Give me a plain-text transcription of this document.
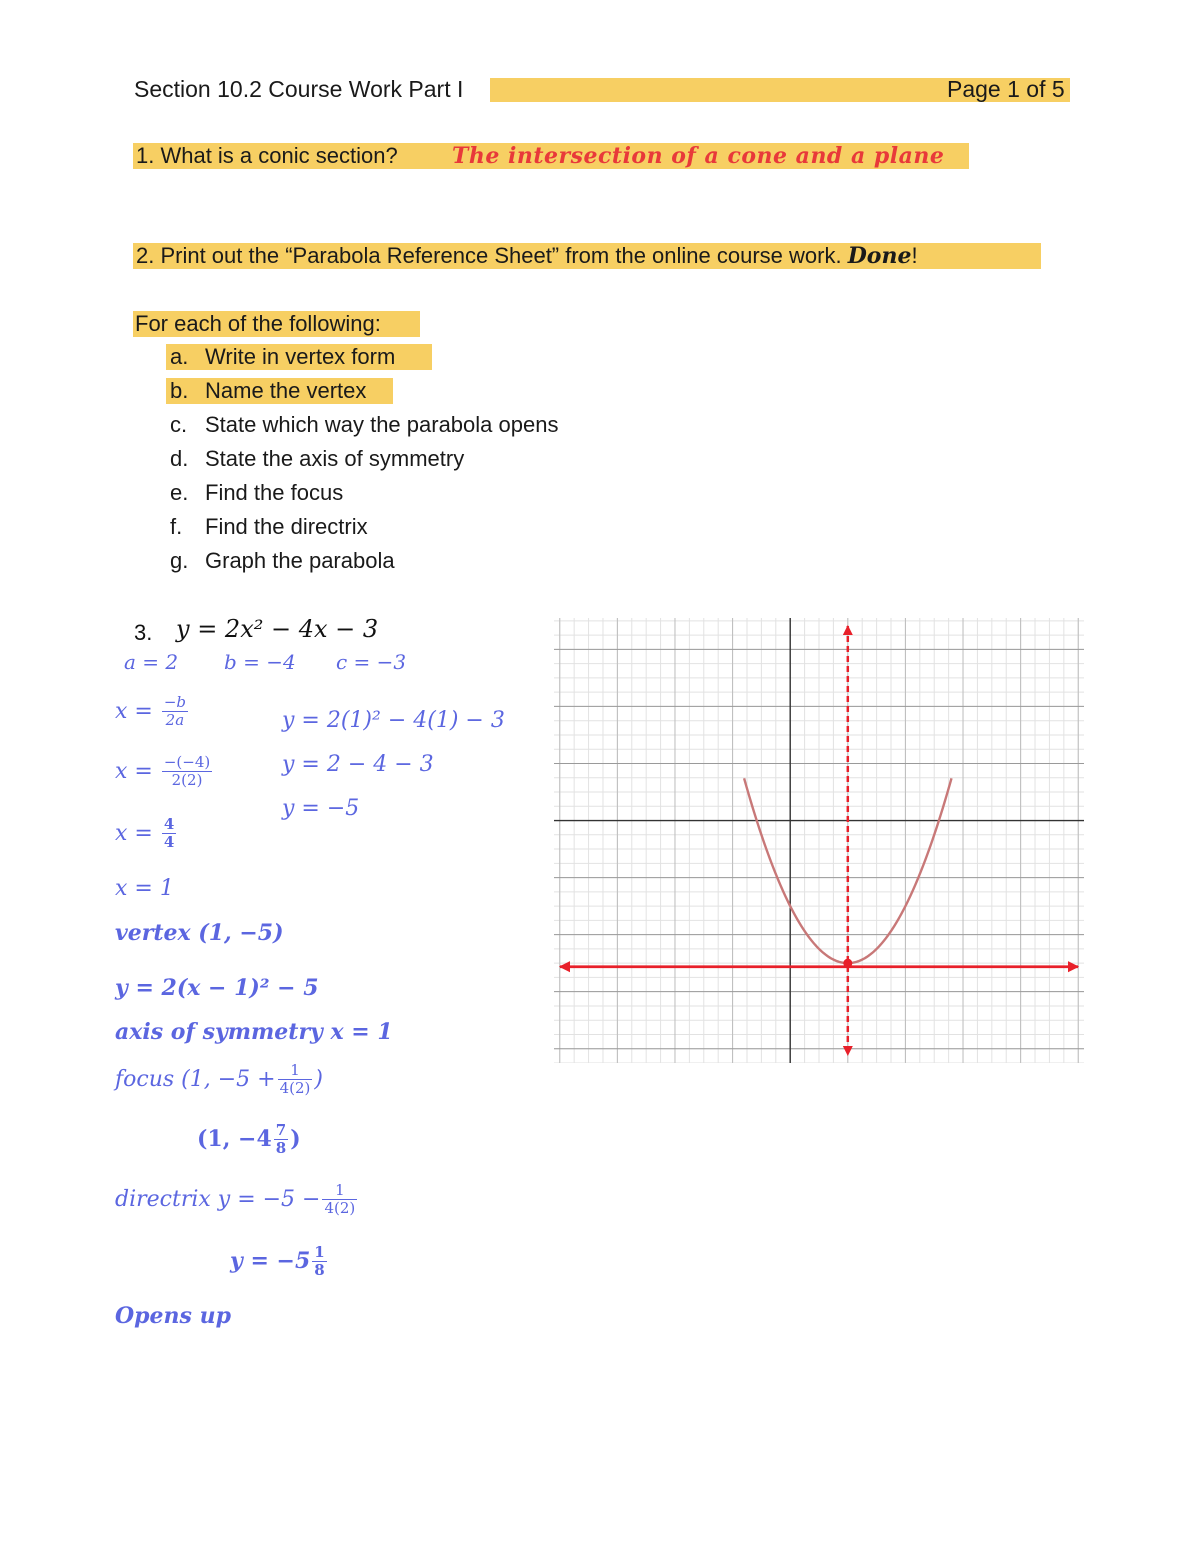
Section 10.2 Course Work Part I	Page 1 of 5
1. What is a conic section? The intersection of a cone and a plane
2. Print out the “Parabola Reference Sheet” from the online course work. Done!
For each of the following:
a. Write in vertex form
b. Name the vertex
c. State which way the parabola opens
d. State the axis of symmetry
e. Find the focus
f. Find the directrix
g. Graph the parabola
3. y = 2x² − 4x − 3
a = 2 b = −4 c = −3
$x = \frac{-b}{2a}$
$x = \frac{-(-4)}{2(2)}$
$x = \frac{4}{4}$
x = 1
y = 2(1)² − 4(1) − 3
y = 2 − 4 − 3
y = −5
vertex (1, −5)
y = 2(x − 1)² − 5
axis of symmetry x = 1
focus (1, $-5 + \frac{1}{4(2)}$ )
(1, $-4 \frac{7}{8}$ )
directrix $y = -5 - \frac{1}{4(2)}$
$y = -5 \frac{1}{8}$
Opens up
